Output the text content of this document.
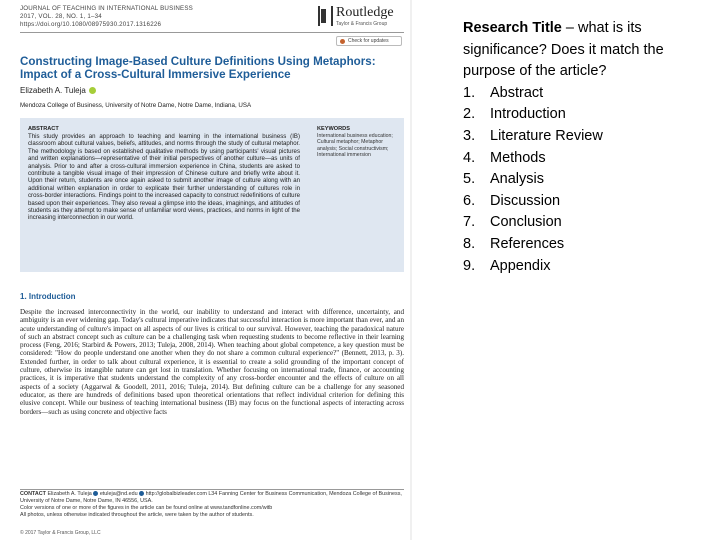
JOURNAL OF TEACHING IN INTERNATIONAL BUSINESS
2017, VOL. 28, NO. 1, 1–34
https://doi.org/10.1080/08975930.2017.1316226
Routledge
Taylor & Francis Group
Check for updates
Constructing Image-Based Culture Definitions Using Metaphors: Impact of a Cross-Cultural Immersive Experience
Elizabeth A. Tuleja
Mendoza College of Business, University of Notre Dame, Notre Dame, Indiana, USA
ABSTRACT
This study provides an approach to teaching and learning in the international business (IB) classroom about cultural values, beliefs, attitudes, and norms through the study of cultural metaphor. The methodology is based on established qualitative methods by using participants' visual pictures and written explanations—representative of their initial perspectives of another culture—as units of analysis. Prior to and after a cross-cultural immersion experience in China, students are asked to contribute a tangible visual image of their impression of Chinese culture and briefly write about it. Upon their return, students are once again asked to submit another image of culture along with an additional written explanation in order to explicate their further understanding of cultures role in cross-border interactions. Findings point to the increased capacity to construct redefinitions of culture based upon their experiences. They also reveal a glimpse into the ideas, imaginings, and attitudes of students as they attempt to make sense of unfamiliar word views, practices, and norms in light of the increasing interconnection in our world.
KEYWORDS
International business education; Cultural metaphor; Metaphor analysis; Social constructivism; International immersion
1. Introduction
Despite the increased interconnectivity in the world, our inability to understand and interact with difference, uncertainty, and ambiguity is an ever widening gap. Today's cultural imperative indicates that successful interaction is more important than ever, and an acute understanding of culture's impact on all aspects of our lives is critical to our survival. However, teaching the paradoxical nature of such an abstract concept such as culture can be a challenging task when requesting students to become reflective in their learning process (Feng, 2016; Starbird & Powers, 2013; Tuleja, 2008, 2014). When teaching about global competence, a key question must be considered: "How do people understand one another when they do not share a common cultural experience?" (Bennett, 2013, p. 3). Extended further, in order to talk about cultural experience, it is essential to create a solid grounding of the important concept of culture, otherwise its intangible nature can get lost in translation. Whether focusing on international trade, finance, or accounting practices, it is imperative that students understand the complexity of any cross-border encounter and the effects of culture on all aspects of a society (Aggarwal & Goodell, 2011, 2016; Tuleja, 2014). But defining culture can be a challenge for any seasoned educator, as there are hundreds of definitions based upon theoretical orientations that reflect individual criterion for defining this elusive concept. While our business of teaching international business (IB) may focus on the functional aspects of interacting across borders—such as using concrete and objective facts
CONTACT Elizabeth A. Tuleja etuleja@nd.edu http://globalbizleader.com L34 Fanning Center for Business Communication, Mendoza College of Business, University of Notre Dame, Notre Dame, IN 46556, USA.
Color versions of one or more of the figures in the article can be found online at www.tandfonline.com/witb
All photos, unless otherwise indicated throughout the article, were taken by the author of students.
© 2017 Taylor & Francis Group, LLC
Research Title – what is its significance? Does it match the purpose of the article?
1.	Abstract
2.	Introduction
3.	Literature Review
4.	Methods
5.	Analysis
6.	Discussion
7.	Conclusion
8.	References
9.	Appendix
